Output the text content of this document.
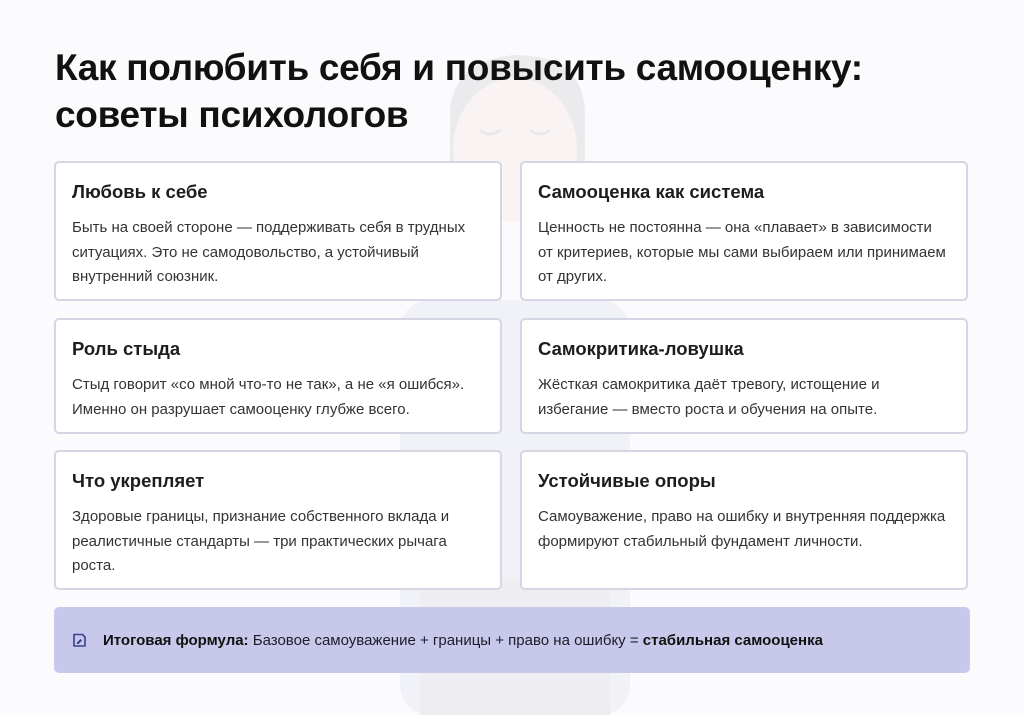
Как полюбить себя и повысить самооценку:
советы психологов
Любовь к себе

Быть на своей стороне — поддерживать себя в трудных ситуациях. Это не самодовольство, а устойчивый внутренний союзник.

Самооценка как система

Ценность не постоянна — она «плавает» в зависимости от критериев, которые мы сами выбираем или принимаем от других.

Роль стыда

Стыд говорит «со мной что-то не так», а не «я ошибся». Именно он разрушает самооценку глубже всего.

Самокритика-ловушка

Жёсткая самокритика даёт тревогу, истощение и избегание — вместо роста и обучения на опыте.

Что укрепляет

Здоровые границы, признание собственного вклада и реалистичные стандарты — три практических рычага роста.

Устойчивые опоры

Самоуважение, право на ошибку и внутренняя поддержка формируют стабильный фундамент личности.

Итоговая формула: Базовое самоуважение + границы + право на ошибку = стабильная самооценка
